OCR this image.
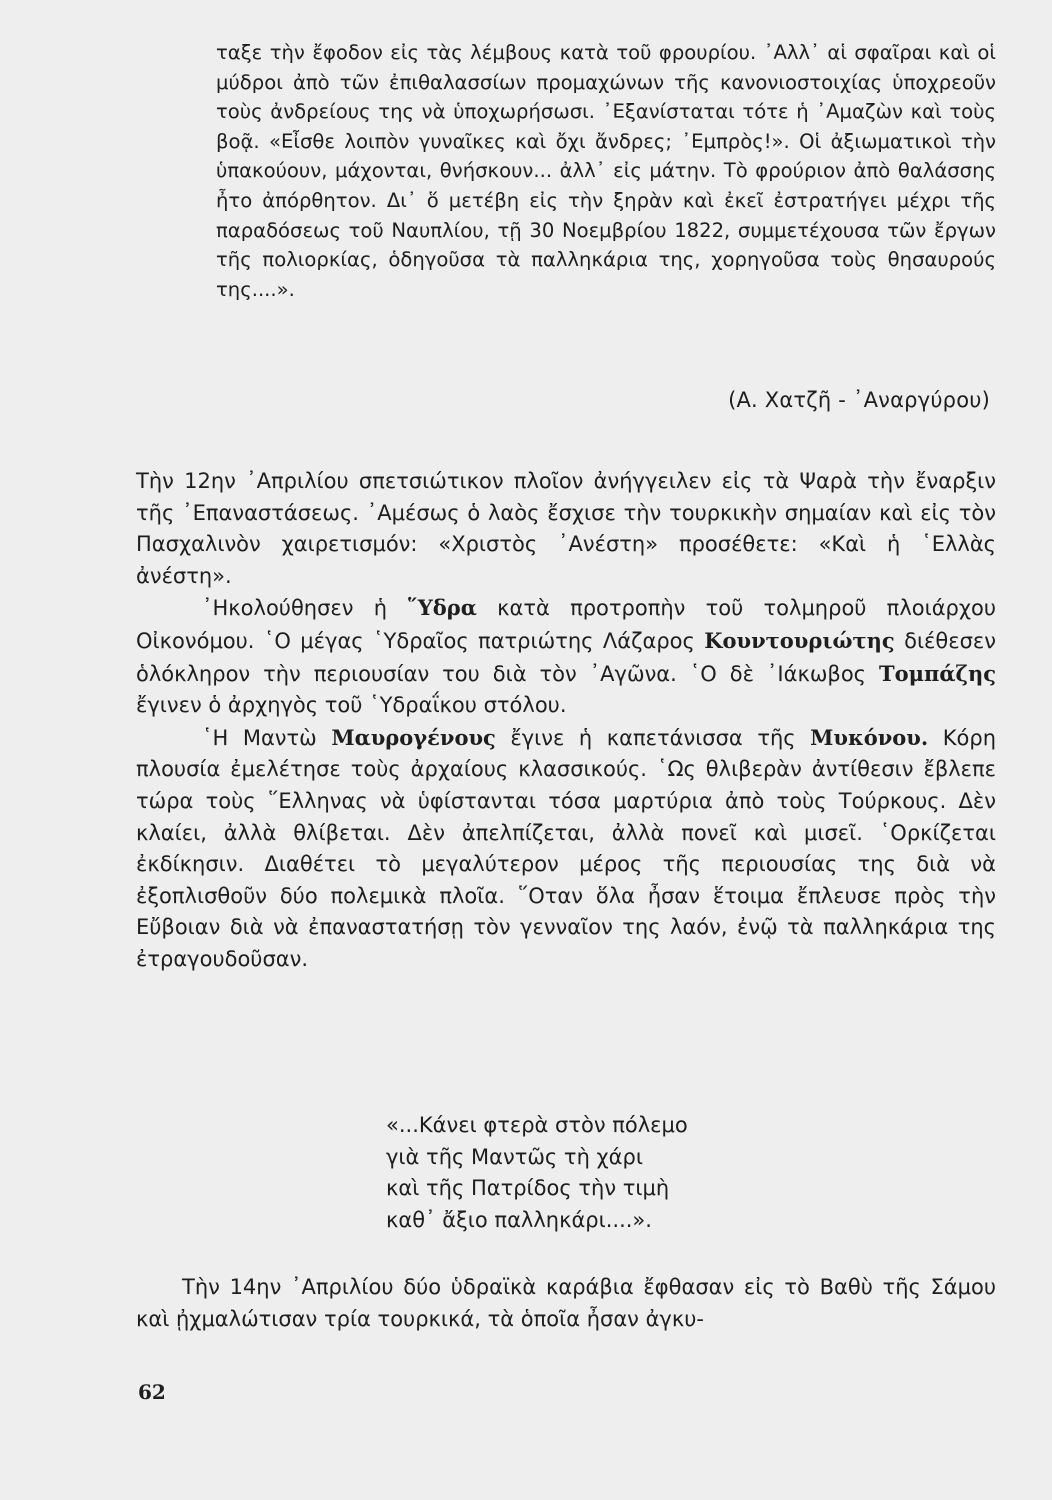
ταξε τὴν ἔφοδον εἰς τὰς λέμβους κατὰ τοῦ φρουρίου. ᾿Αλλ᾿ αἱ σφαῖραι καὶ οἱ μύδροι ἀπὸ τῶν ἐπιθαλασσίων προμαχώνων τῆς κανονιοστοιχίας ὑποχρεοῦν τοὺς ἀνδρείους της νὰ ὑποχωρήσωσι. ᾿Εξανίσταται τότε ἡ ᾿Αμαζὼν καὶ τοὺς βοᾷ. «Εἶσθε λοιπὸν γυναῖκες καὶ ὄχι ἄνδρες; ᾿Εμπρὸς!». Οἱ ἀξιωματικοὶ τὴν ὑπακούουν, μάχονται, θνήσκουν... ἀλλ᾿ εἰς μάτην. Τὸ φρούριον ἀπὸ θαλάσσης ἦτο ἀπόρθητον. Δι᾿ ὅ μετέβη εἰς τὴν ξηρὰν καὶ ἐκεῖ ἐστρατήγει μέχρι τῆς παραδόσεως τοῦ Ναυπλίου, τῇ 30 Νοεμβρίου 1822, συμμετέχουσα τῶν ἔργων τῆς πολιορκίας, ὁδηγοῦσα τὰ παλληκάρια της, χορηγοῦσα τοὺς θησαυρούς της....».

(Α. Χατζῆ - ᾿Αναργύρου)

Τὴν 12ην ᾿Απριλίου σπετσιώτικον πλοῖον ἀνήγγειλεν εἰς τὰ Ψαρὰ τὴν ἔναρξιν τῆς ᾿Επαναστάσεως. ᾿Αμέσως ὁ λαὸς ἔσχισε τὴν τουρκικὴν σημαίαν καὶ εἰς τὸν Πασχαλινὸν χαιρετισμόν: «Χριστὸς ᾿Ανέστη» προσέθετε: «Καὶ ἡ ῾Ελλὰς ἀνέστη».

᾿Ηκολούθησεν ἡ ῞Υδρα κατὰ προτροπὴν τοῦ τολμηροῦ πλοιάρχου Οἰκονόμου. ῾Ο μέγας ῾Υδραῖος πατριώτης Λάζαρος Κουντουριώτης διέθεσεν ὁλόκληρον τὴν περιουσίαν του διὰ τὸν ᾿Αγῶνα. ῾Ο δὲ ᾿Ιάκωβος Τομπάζης ἔγινεν ὁ ἀρχηγὸς τοῦ ῾Υδραΐκου στόλου.

῾Η Μαντὼ Μαυρογένους ἔγινε ἡ καπετάνισσα τῆς Μυκόνου. Κόρη πλουσία ἐμελέτησε τοὺς ἀρχαίους κλασσικούς. ῾Ως θλιβερὰν ἀντίθεσιν ἔβλεπε τώρα τοὺς ῞Ελληνας νὰ ὑφίστανται τόσα μαρτύρια ἀπὸ τοὺς Τούρκους. Δὲν κλαίει, ἀλλὰ θλίβεται. Δὲν ἀπελπίζεται, ἀλλὰ πονεῖ καὶ μισεῖ. ῾Ορκίζεται ἐκδίκησιν. Διαθέτει τὸ μεγαλύτερον μέρος τῆς περιουσίας της διὰ νὰ ἐξοπλισθοῦν δύο πολεμικὰ πλοῖα. ῞Οταν ὅλα ἦσαν ἕτοιμα ἔπλευσε πρὸς τὴν Εὔβοιαν διὰ νὰ ἐπαναστατήσῃ τὸν γενναῖον της λαόν, ἐνῷ τὰ παλληκάρια της ἐτραγουδοῦσαν.

«...Κάνει φτερὰ στὸν πόλεμο
γιὰ τῆς Μαντῶς τὴ χάρι
καὶ τῆς Πατρίδος τὴν τιμὴ
καθ᾿ ἄξιο παλληκάρι....».

Τὴν 14ην ᾿Απριλίου δύο ὑδραϊκὰ καράβια ἔφθασαν εἰς τὸ Βαθὺ τῆς Σάμου καὶ ᾐχμαλώτισαν τρία τουρκικά, τὰ ὁποῖα ἦσαν ἀγκυ-

62
